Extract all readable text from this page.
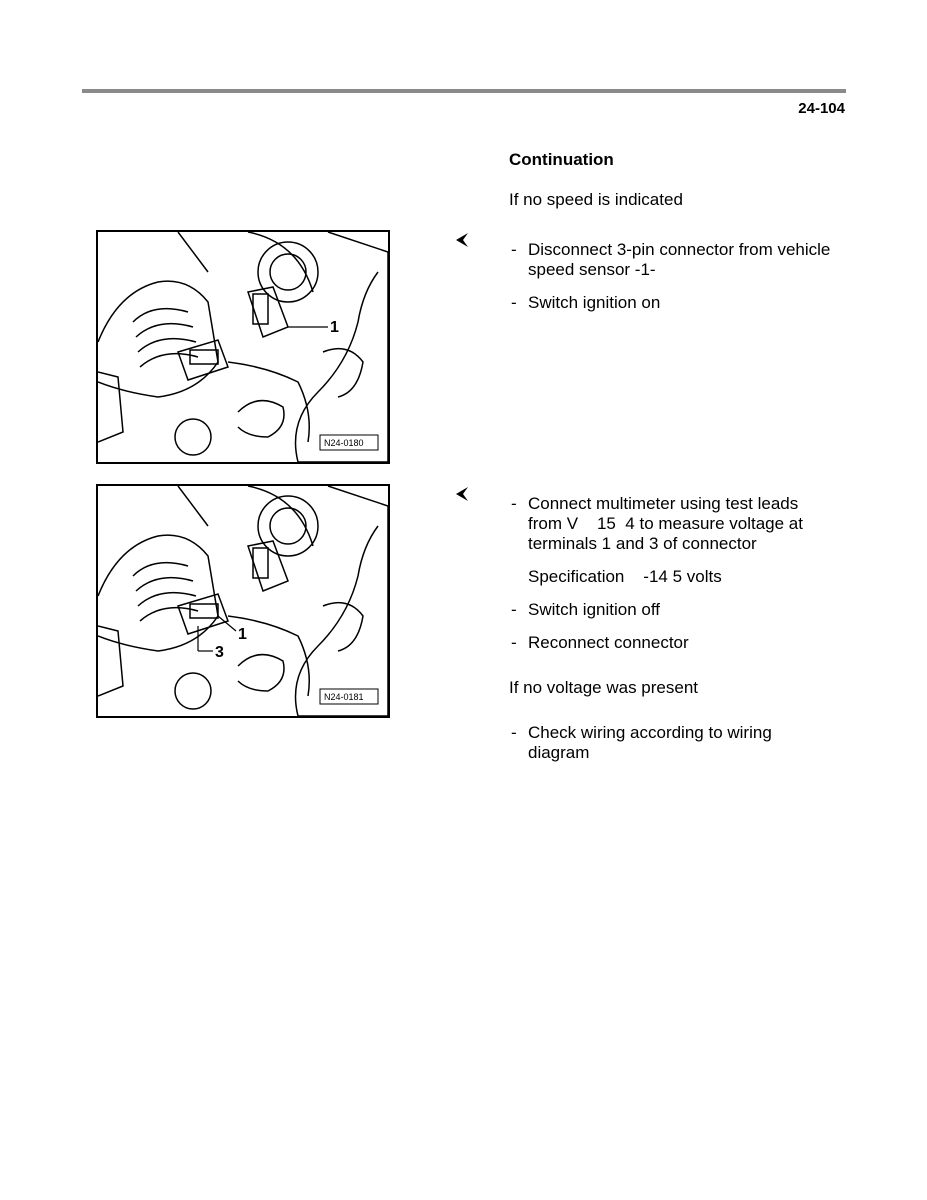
24-104
Continuation
If no speed is indicated
1
N24-0180
- Disconnect 3-pin connector from vehicle speed sensor -1-
- Switch ignition on
1
3
N24-0181
- Connect multimeter using test leads from V    15  4 to measure voltage at terminals 1 and 3 of connector
Specification    -14 5 volts
- Switch ignition off
- Reconnect connector
If no voltage was present
- Check wiring according to wiring diagram
